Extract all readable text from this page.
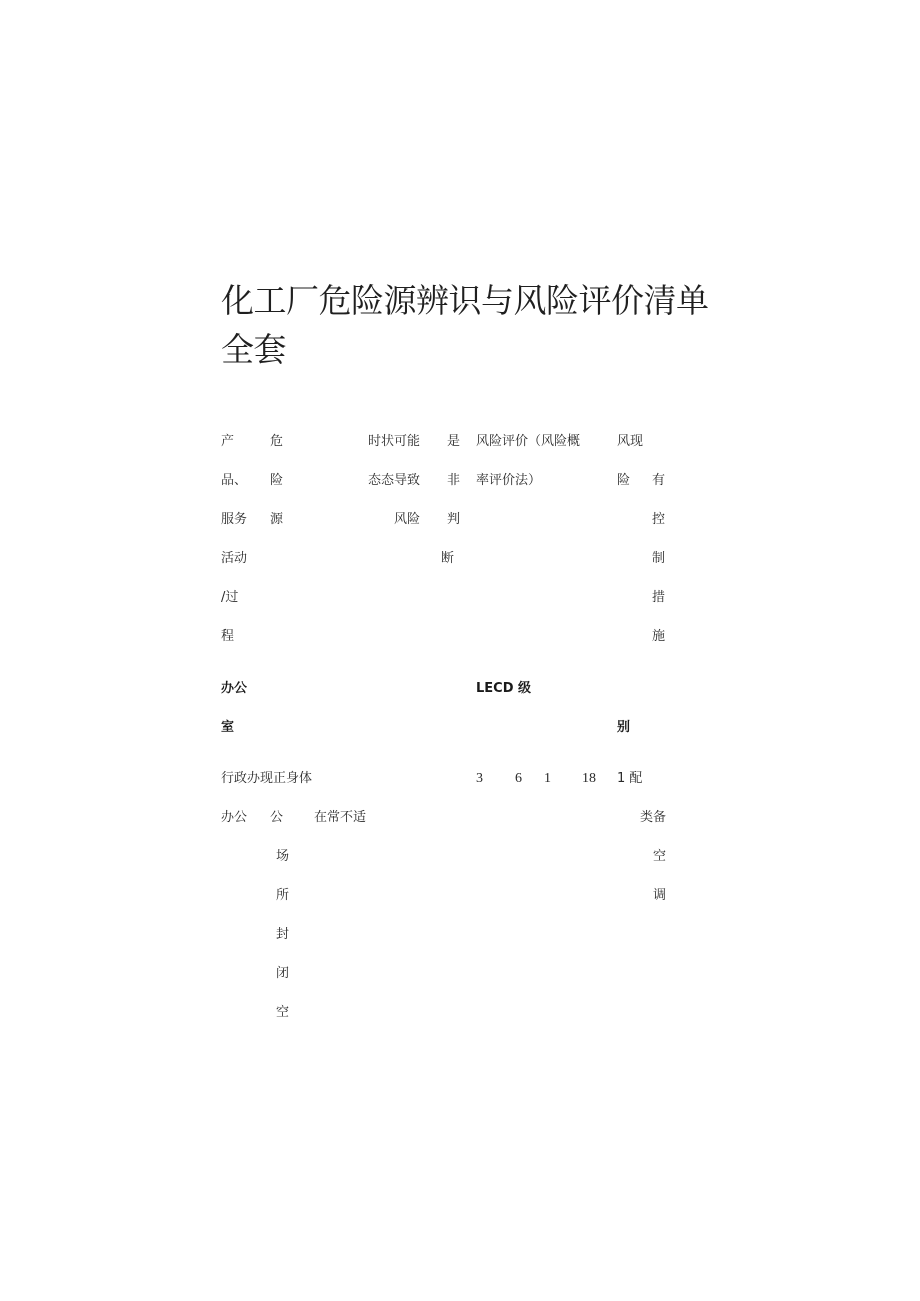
化工厂危险源辨识与风险评价清单全套
产
品、
服务
活动
/过
程
危
险
源
时状可能
态态导致
风险
是
非
判
断
风险评价（风险概
率评价法）
风现
险 有
控
制
措
施
办公
室
LECD 级
别
行政办现正身体	3 6 1 18 1 配
办公 公
场
所
封
闭
空
在常不适	类备
空
调
